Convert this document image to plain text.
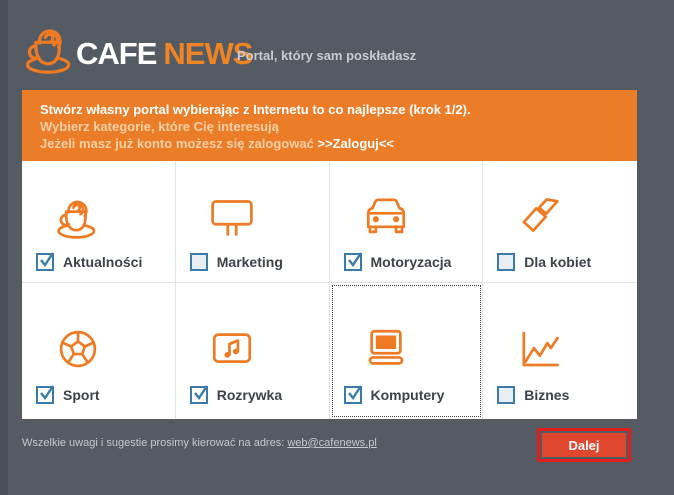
CAFE NEWS
Portal, który sam poskładasz
Stwórz własny portal wybierając z Internetu to co najlepsze (krok 1/2).
Wybierz kategorie, które Cię interesują
Jeżeli masz już konto możesz się zalogować >>Zaloguj<<
Aktualności	Marketing	Motoryzacja	Dla kobiet
Sport	Rozrywka	Komputery	Biznes
Wszelkie uwagi i sugestie prosimy kierować na adres: web@cafenews.pl	Dalej
